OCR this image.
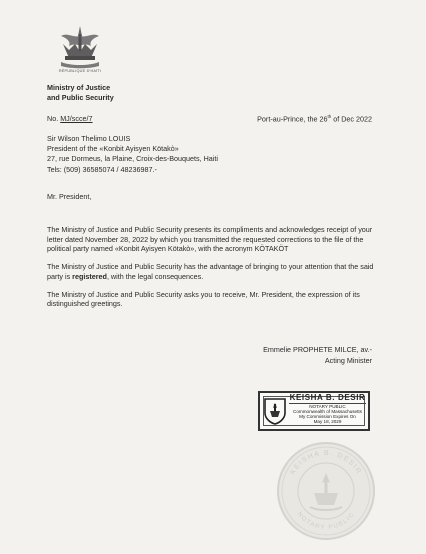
RÉPUBLIQUE D'HAÏTI
Ministry of Justice
and Public Security
No. MJ/scce/7	Port-au-Prince, the 26th of Dec 2022
Sir Wilson Thelimo LOUIS
President of the «Konbit Ayisyen Kötakò»
27, rue Dormeus, la Plaine, Croix-des-Bouquets, Haiti
Tels: (509) 36585074 / 48236987.-
Mr. President,

The Ministry of Justice and Public Security presents its compliments and acknowledges receipt of your letter dated November 28, 2022 by which you transmitted the requested corrections to the file of the political party named «Konbit Ayisyen Kötakò», with the acronym KÖTAKÖT

The Ministry of Justice and Public Security has the advantage of bringing to your attention that the said party is registered, with the legal consequences.

The Ministry of Justice and Public Security asks you to receive, Mr. President, the expression of its distinguished greetings.

Emmelie PROPHETE MILCE, av.-
Acting Minister
KEISHA B. DESIR
NOTARY PUBLIC
Commonwealth of Massachusetts
My Commission Expires On
May 18, 2029
KEISHA B. DESIR
NOTARY PUBLIC
